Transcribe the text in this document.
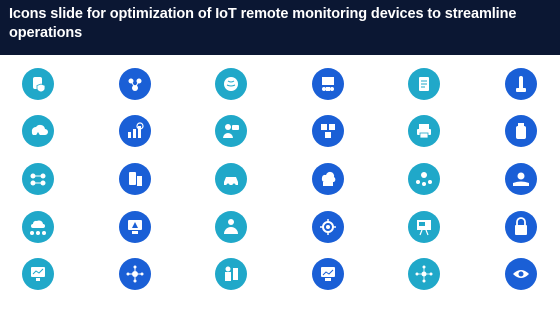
Icons slide for optimization of IoT remote monitoring devices to streamline operations
